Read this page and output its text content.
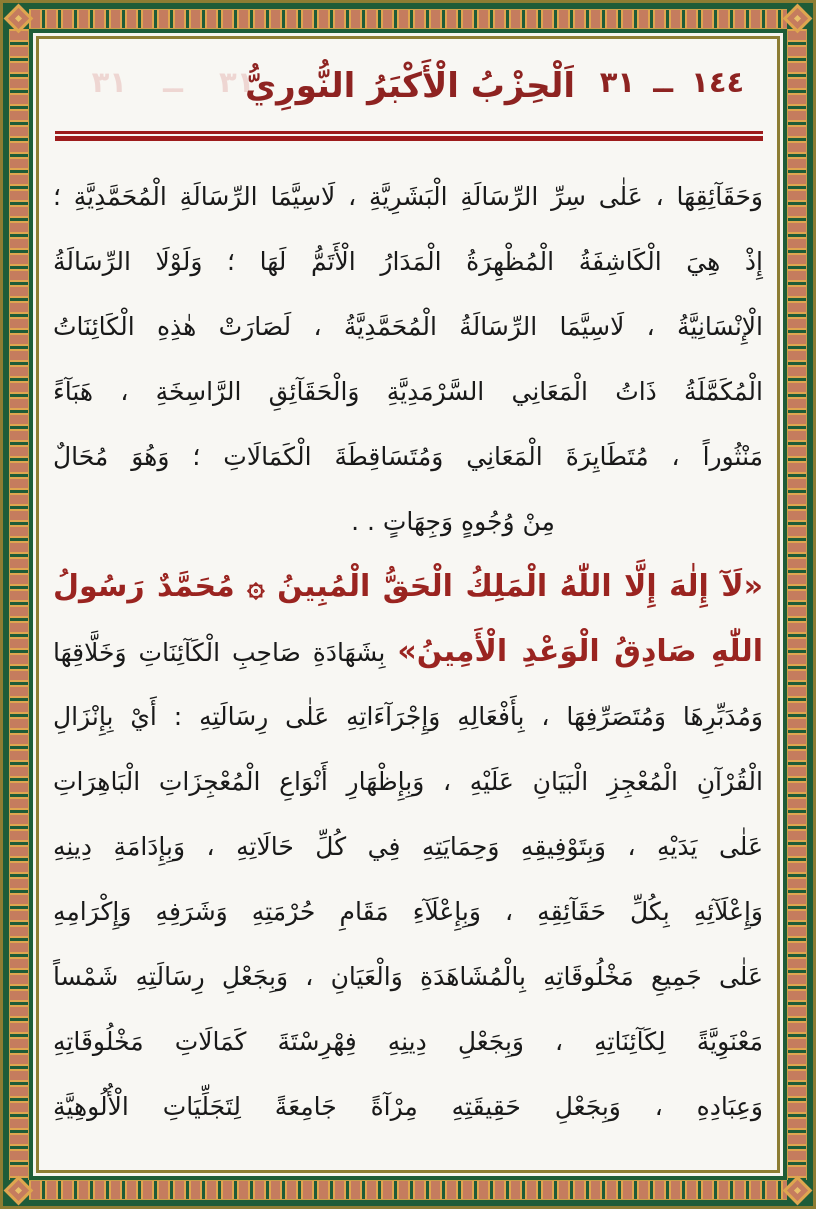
٣١ ــ ٣١
اَلْحِزْبُ الْأَكْبَرُ النُّورِيُّ ١٤٤ ــ ٣١
وَحَقَآئِقِهَا ، عَلٰى سِرِّ الرِّسَالَةِ الْبَشَرِيَّةِ ، لَاسِيَّمَا الرِّسَالَةِ الْمُحَمَّدِيَّةِ ؛
إِذْ هِيَ الْكَاشِفَةُ الْمُظْهِرَةُ الْمَدَارُ الْأَتَمُّ لَهَا ؛ وَلَوْلَا الرِّسَالَةُ
الْإِنْسَانِيَّةُ ، لَاسِيَّمَا الرِّسَالَةُ الْمُحَمَّدِيَّةُ ، لَصَارَتْ هٰذِهِ الْكَائِنَاتُ
الْمُكَمَّلَةُ ذَاتُ الْمَعَانِي السَّرْمَدِيَّةِ وَالْحَقَآئِقِ الرَّاسِخَةِ ، هَبَآءً
مَنْثُوراً ، مُتَطَايِرَةَ الْمَعَانِي وَمُتَسَاقِطَةَ الْكَمَالَاتِ ؛ وَهُوَ مُحَالٌ
مِنْ وُجُوهٍ وَجِهَاتٍ . .
«لَآ إِلٰهَ إِلَّا اللّٰهُ الْمَلِكُ الْحَقُّ الْمُبِينُ ۞ مُحَمَّدٌ رَسُولُ
اللّٰهِ صَادِقُ الْوَعْدِ الْأَمِينُ» بِشَهَادَةِ صَاحِبِ الْكَآئِنَاتِ وَخَلَّاقِهَا
وَمُدَبِّرِهَا وَمُتَصَرِّفِهَا ، بِأَفْعَالِهِ وَإِجْرَآءَاتِهِ عَلٰى رِسَالَتِهِ : أَيْ بِإِنْزَالِ
الْقُرْآنِ الْمُعْجِزِ الْبَيَانِ عَلَيْهِ ، وَبِإِظْهَارِ أَنْوَاعِ الْمُعْجِزَاتِ الْبَاهِرَاتِ
عَلٰى يَدَيْهِ ، وَبِتَوْفِيقِهِ وَحِمَايَتِهِ فِي كُلِّ حَالَاتِهِ ، وَبِإِدَامَةِ دِينِهِ
وَإِعْلَآئِهِ بِكُلِّ حَقَآئِقِهِ ، وَبِإِعْلَآءِ مَقَامِ حُرْمَتِهِ وَشَرَفِهِ وَإِكْرَامِهِ
عَلٰى جَمِيعِ مَخْلُوقَاتِهِ بِالْمُشَاهَدَةِ وَالْعَيَانِ ، وَبِجَعْلِ رِسَالَتِهِ شَمْساً
مَعْنَوِيَّةً لِكَآئِنَاتِهِ ، وَبِجَعْلِ دِينِهِ فِهْرِسْتَةَ كَمَالَاتِ مَخْلُوقَاتِهِ
وَعِبَادِهِ ، وَبِجَعْلِ حَقِيقَتِهِ مِرْآةً جَامِعَةً لِتَجَلِّيَاتِ الْأُلُوهِيَّةِ
